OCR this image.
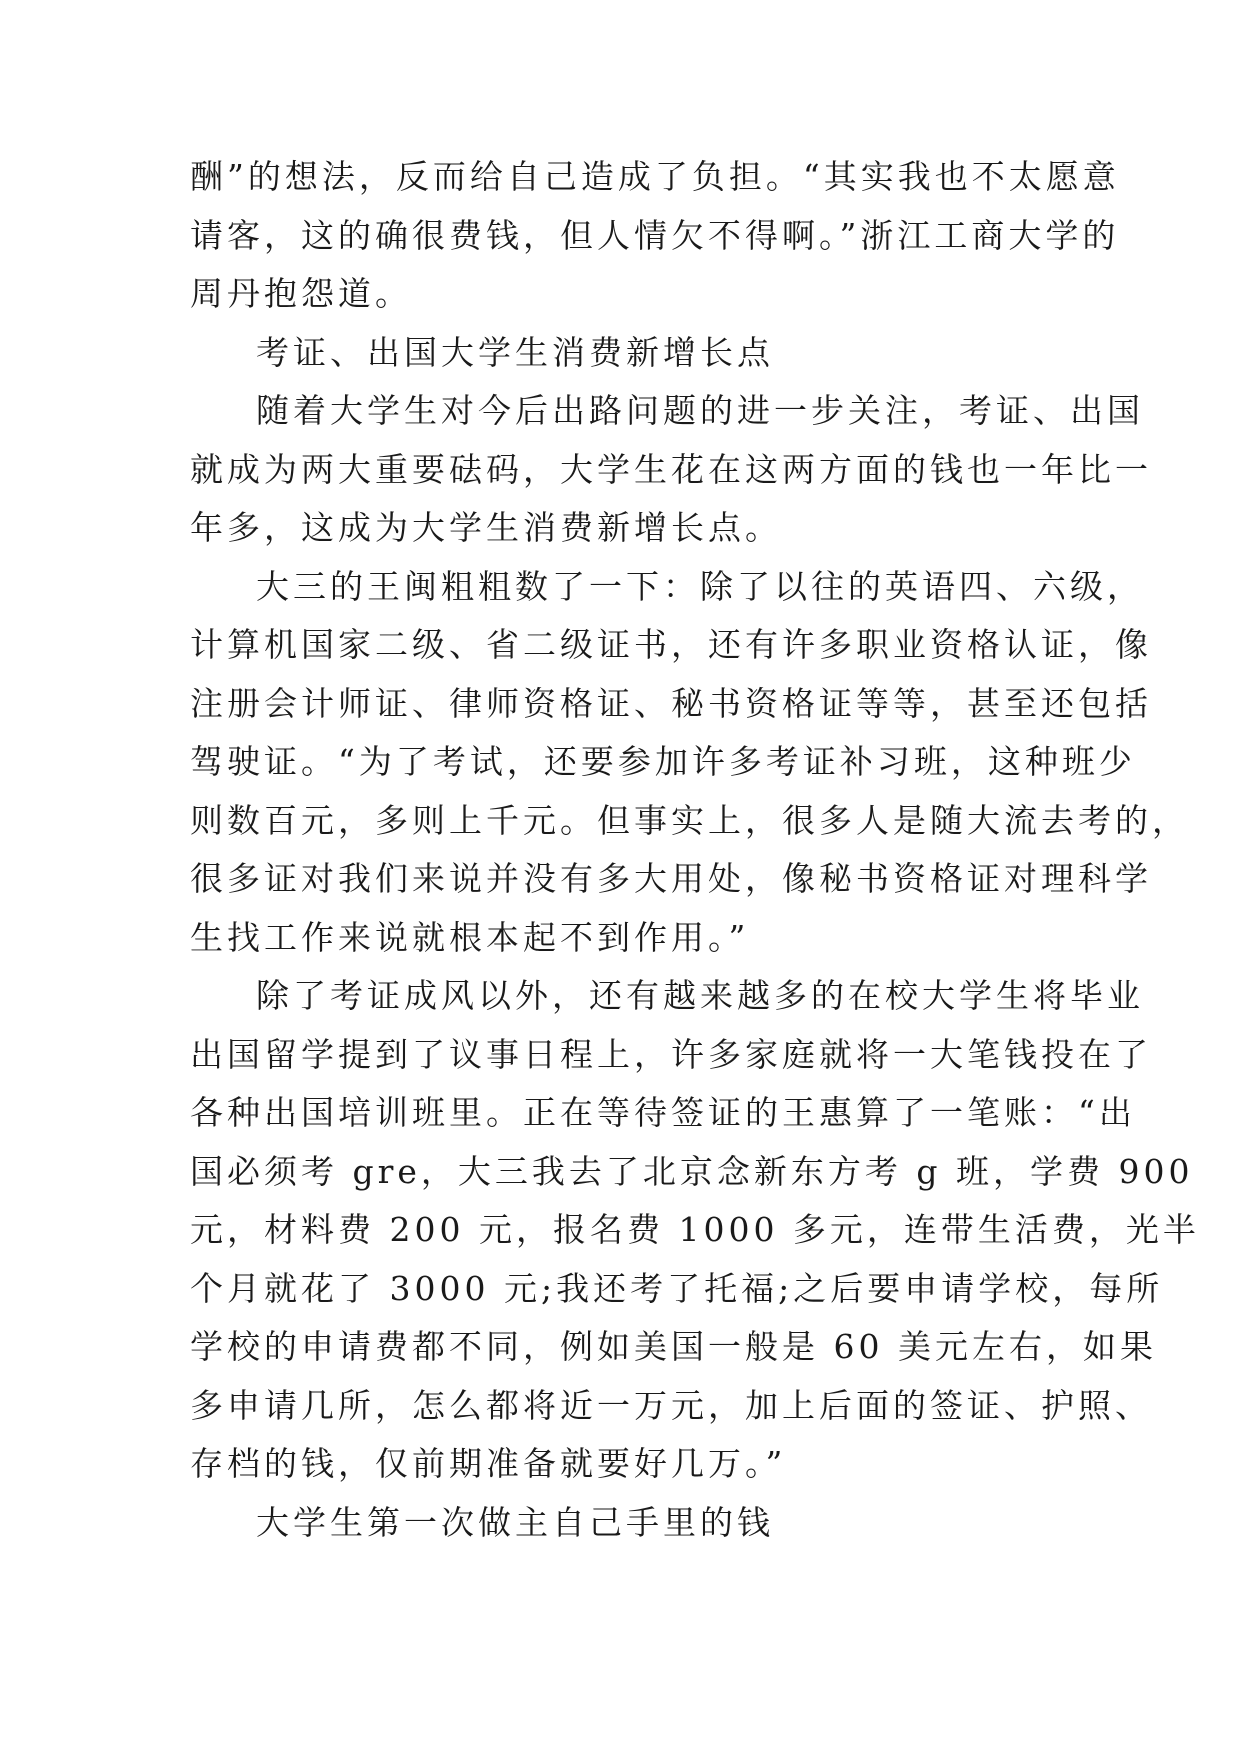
酬”的想法，反而给自己造成了负担。“其实我也不太愿意
请客，这的确很费钱，但人情欠不得啊。”浙江工商大学的
周丹抱怨道。
考证、出国大学生消费新增长点
随着大学生对今后出路问题的进一步关注，考证、出国
就成为两大重要砝码，大学生花在这两方面的钱也一年比一
年多，这成为大学生消费新增长点。
大三的王闽粗粗数了一下：除了以往的英语四、六级，
计算机国家二级、省二级证书，还有许多职业资格认证，像
注册会计师证、律师资格证、秘书资格证等等，甚至还包括
驾驶证。“为了考试，还要参加许多考证补习班，这种班少
则数百元，多则上千元。但事实上，很多人是随大流去考的，
很多证对我们来说并没有多大用处，像秘书资格证对理科学
生找工作来说就根本起不到作用。”
除了考证成风以外，还有越来越多的在校大学生将毕业
出国留学提到了议事日程上，许多家庭就将一大笔钱投在了
各种出国培训班里。正在等待签证的王惠算了一笔账：“出
国必须考 gre，大三我去了北京念新东方考 g 班，学费 900
元，材料费 200 元，报名费 1000 多元，连带生活费，光半
个月就花了 3000 元;我还考了托福;之后要申请学校，每所
学校的申请费都不同，例如美国一般是 60 美元左右，如果
多申请几所，怎么都将近一万元，加上后面的签证、护照、
存档的钱，仅前期准备就要好几万。”
大学生第一次做主自己手里的钱
